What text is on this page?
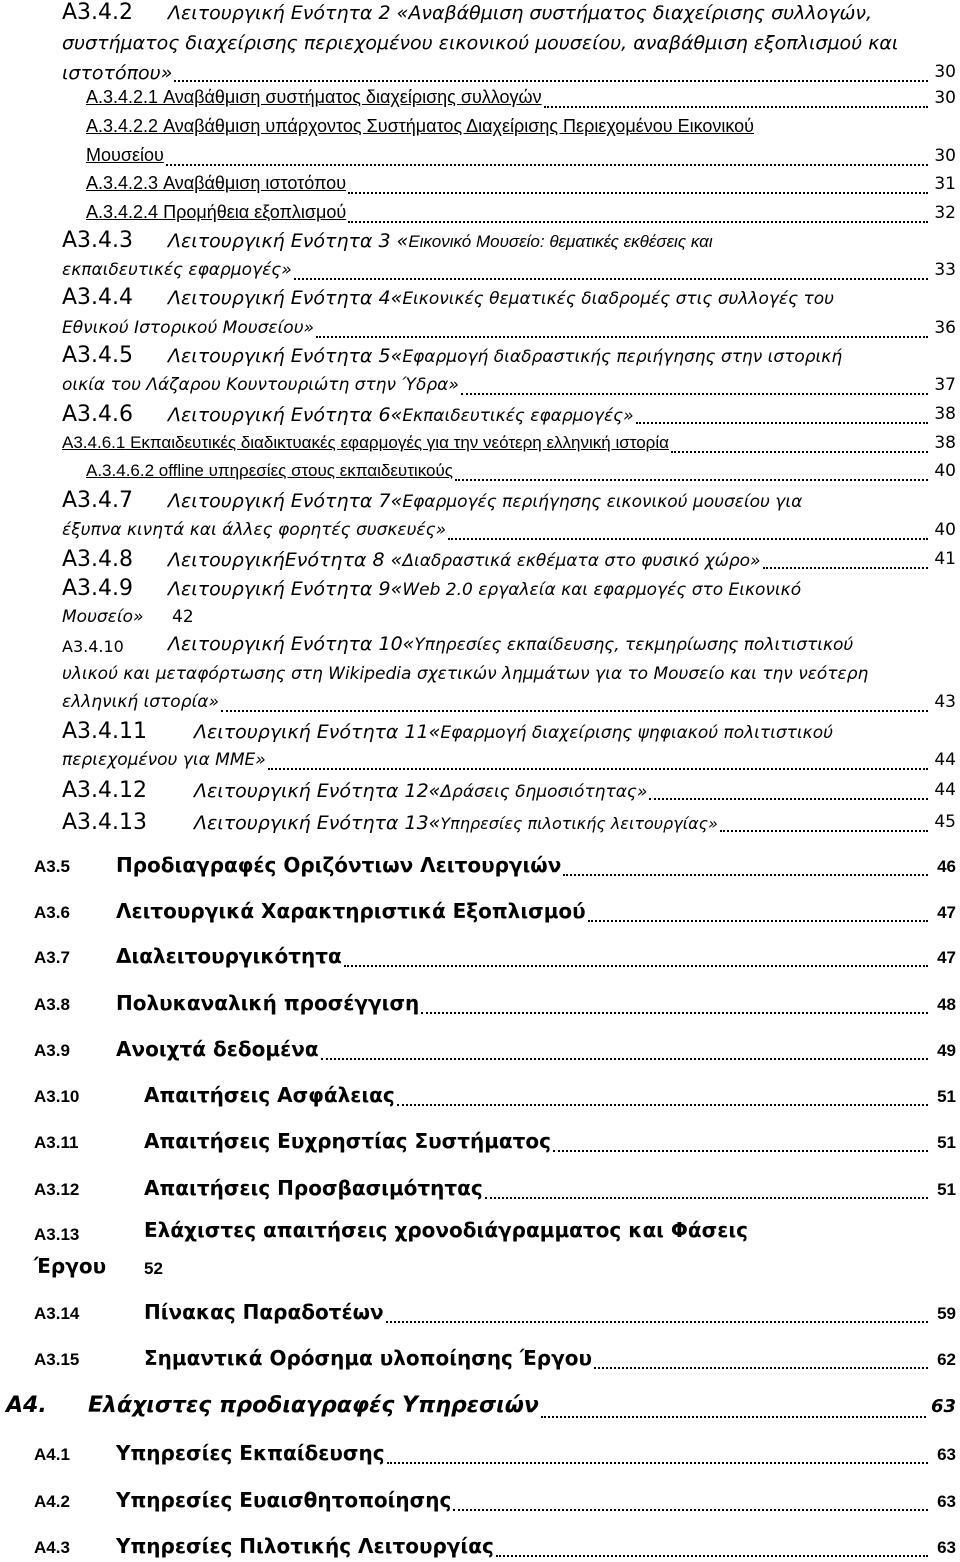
A3.4.2 Λειτουργική Ενότητα 2 «Αναβάθμιση συστήματος διαχείρισης συλλογών,
συστήματος διαχείρισης περιεχομένου εικονικού μουσείου, αναβάθμιση εξοπλισμού και
ιστοτόπου»	30
A.3.4.2.1 Αναβάθμιση συστήματος διαχείρισης συλλογών	30
A.3.4.2.2 Αναβάθμιση υπάρχοντος Συστήματος Διαχείρισης Περιεχομένου Εικονικού
Μουσείου	30
A.3.4.2.3 Αναβάθμιση ιστοτόπου	31
A.3.4.2.4 Προμήθεια εξοπλισμού	32
A3.4.3 Λειτουργική Ενότητα 3 «Εικονικό Μουσείο: θεματικές εκθέσεις και
εκπαιδευτικές εφαρμογές»	33
A3.4.4 Λειτουργική Ενότητα 4«Εικονικές θεματικές διαδρομές στις συλλογές του
Εθνικού Ιστορικού Μουσείου»	36
A3.4.5 Λειτουργική Ενότητα 5«Εφαρμογή διαδραστικής περιήγησης στην ιστορική
οικία του Λάζαρου Κουντουριώτη στην Ύδρα»	37
A3.4.6 Λειτουργική Ενότητα 6«Εκπαιδευτικές εφαρμογές»	38
A3.4.6.1 Εκπαιδευτικές διαδικτυακές εφαρμογές για την νεότερη ελληνική ιστορία	38
A.3.4.6.2 offline υπηρεσίες στους εκπαιδευτικούς	40
A3.4.7 Λειτουργική Ενότητα 7«Εφαρμογές περιήγησης εικονικού μουσείου για
έξυπνα κινητά και άλλες φορητές συσκευές»	40
A3.4.8 ΛειτουργικήΕνότητα 8 «Διαδραστικά εκθέματα στο φυσικό χώρο»	41
A3.4.9 Λειτουργική Ενότητα 9«Web 2.0 εργαλεία και εφαρμογές στο Εικονικό
Μουσείο» 42
A3.4.10 Λειτουργική Ενότητα 10«Υπηρεσίες εκπαίδευσης, τεκμηρίωσης πολιτιστικού
υλικού και μεταφόρτωσης στη Wikipedia σχετικών λημμάτων για το Μουσείο και την νεότερη
ελληνική ιστορία»	43
A3.4.11 Λειτουργική Ενότητα 11«Εφαρμογή διαχείρισης ψηφιακού πολιτιστικού
περιεχομένου για ΜΜΕ»	44
A3.4.12 Λειτουργική Ενότητα 12«Δράσεις δημοσιότητας»	44
A3.4.13 Λειτουργική Ενότητα 13«Υπηρεσίες πιλοτικής λειτουργίας»	45
A3.5 Προδιαγραφές Οριζόντιων Λειτουργιών	46
A3.6 Λειτουργικά Χαρακτηριστικά Εξοπλισμού	47
A3.7 Διαλειτουργικότητα	47
A3.8 Πολυκαναλική προσέγγιση	48
A3.9 Ανοιχτά δεδομένα	49
A3.10	Απαιτήσεις Ασφάλειας	51
A3.11	Απαιτήσεις Ευχρηστίας Συστήματος	51
A3.12	Απαιτήσεις Προσβασιμότητας	51
A3.13	Ελάχιστες απαιτήσεις χρονοδιάγραμματος και Φάσεις
Έργου 52
A3.14	Πίνακας Παραδοτέων	59
A3.15	Σημαντικά Ορόσημα υλοποίησης Έργου	62
A4. Ελάχιστες προδιαγραφές Υπηρεσιών	63
A4.1 Υπηρεσίες Εκπαίδευσης	63
A4.2 Υπηρεσίες Ευαισθητοποίησης	63
A4.3 Υπηρεσίες Πιλοτικής Λειτουργίας	63
